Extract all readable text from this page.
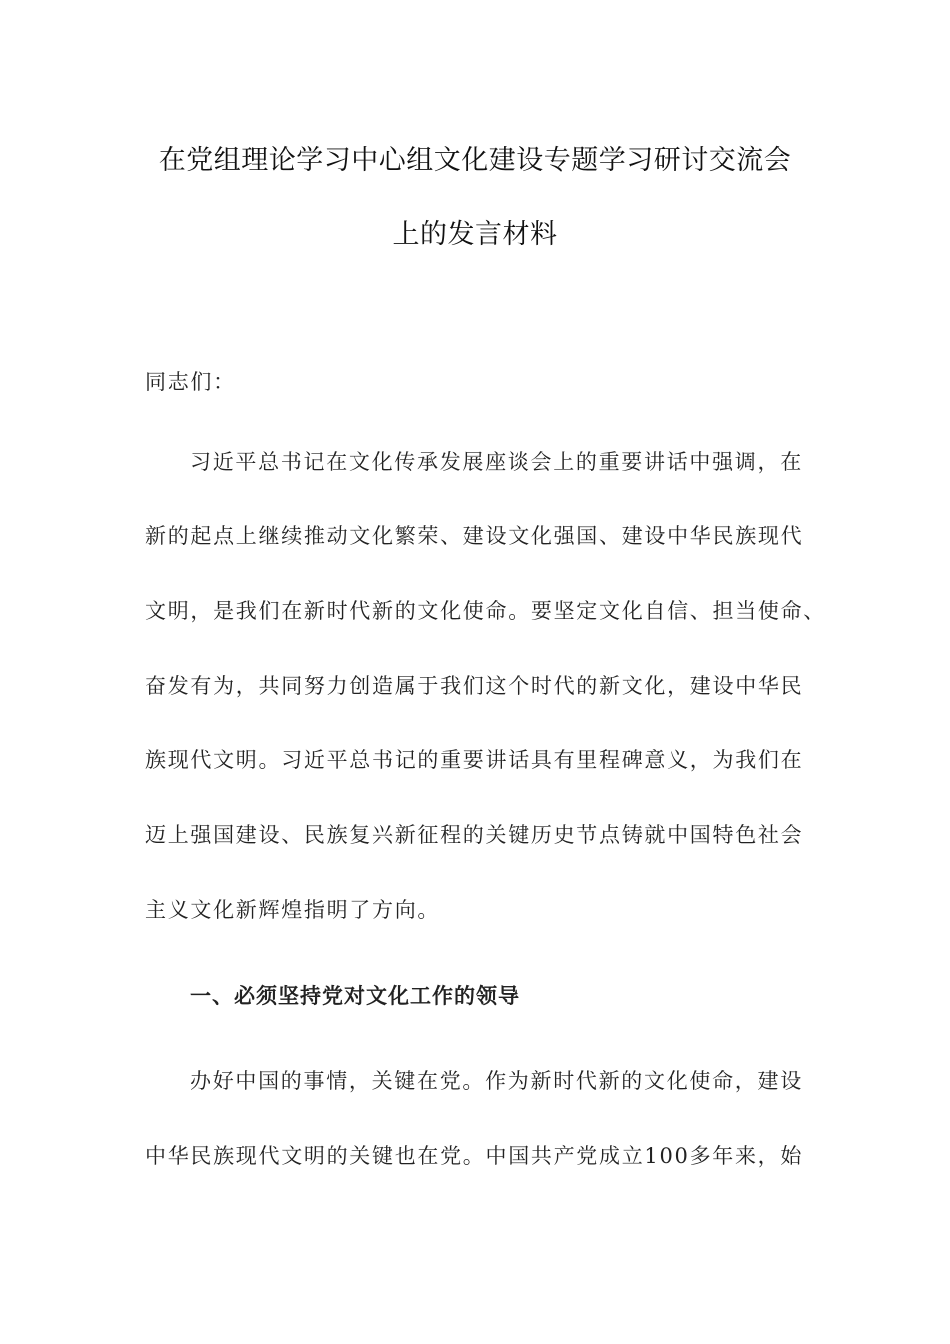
在党组理论学习中心组文化建设专题学习研讨交流会
上的发言材料
同志们：
习近平总书记在文化传承发展座谈会上的重要讲话中强调，在
新的起点上继续推动文化繁荣、建设文化强国、建设中华民族现代
文明，是我们在新时代新的文化使命。要坚定文化自信、担当使命、
奋发有为，共同努力创造属于我们这个时代的新文化，建设中华民
族现代文明。习近平总书记的重要讲话具有里程碑意义，为我们在
迈上强国建设、民族复兴新征程的关键历史节点铸就中国特色社会
主义文化新辉煌指明了方向。
一、必须坚持党对文化工作的领导
办好中国的事情，关键在党。作为新时代新的文化使命，建设
中华民族现代文明的关键也在党。中国共产党成立100多年来，始
